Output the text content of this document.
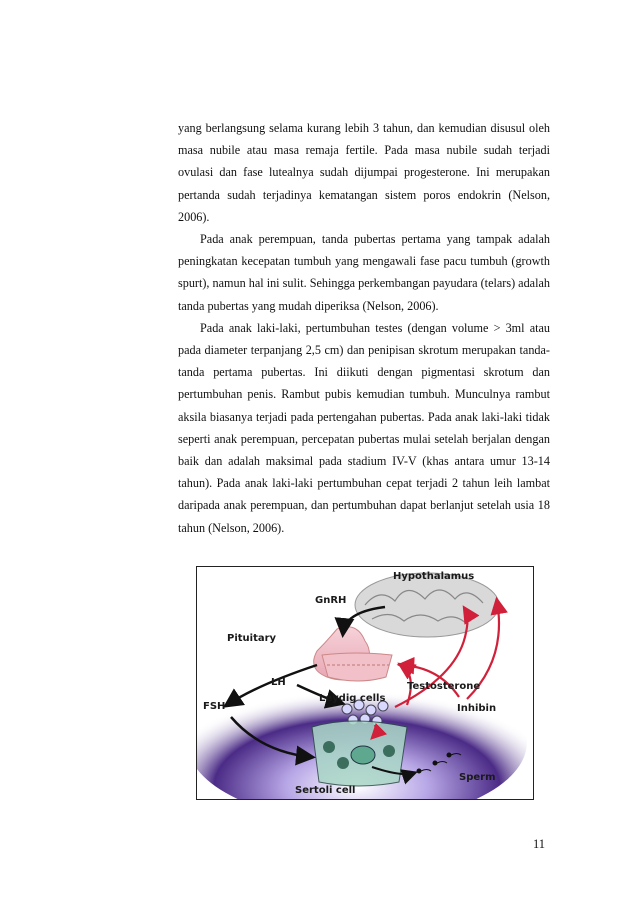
yang berlangsung selama kurang lebih 3 tahun, dan kemudian disusul oleh masa nubile atau masa remaja fertile. Pada masa nubile sudah terjadi ovulasi dan fase lutealnya sudah dijumpai progesterone. Ini merupakan pertanda sudah terjadinya kematangan sistem poros endokrin (Nelson, 2006).

Pada anak perempuan, tanda pubertas pertama yang tampak adalah peningkatan kecepatan tumbuh yang mengawali fase pacu tumbuh (growth spurt), namun hal ini sulit. Sehingga perkembangan payudara (telars) adalah tanda pubertas yang mudah diperiksa (Nelson, 2006).

Pada anak laki-laki, pertumbuhan testes (dengan volume > 3ml atau pada diameter terpanjang 2,5 cm) dan penipisan skrotum merupakan tanda-tanda pertama pubertas. Ini diikuti dengan pigmentasi skrotum dan pertumbuhan penis. Rambut pubis kemudian tumbuh. Munculnya rambut aksila biasanya terjadi pada pertengahan pubertas. Pada anak laki-laki tidak seperti anak perempuan, percepatan pubertas mulai setelah berjalan dengan baik dan adalah maksimal pada stadium IV-V (khas antara umur 13-14 tahun). Pada anak laki-laki pertumbuhan cepat terjadi 2 tahun leih lambat daripada anak perempuan, dan pertumbuhan dapat berlanjut setelah usia 18 tahun (Nelson, 2006).

Hypothalamus
GnRH
Pituitary
LH	Testosterone
Leydig cells
FSH	Inhibin
Sperm
Sertoli cell
11
